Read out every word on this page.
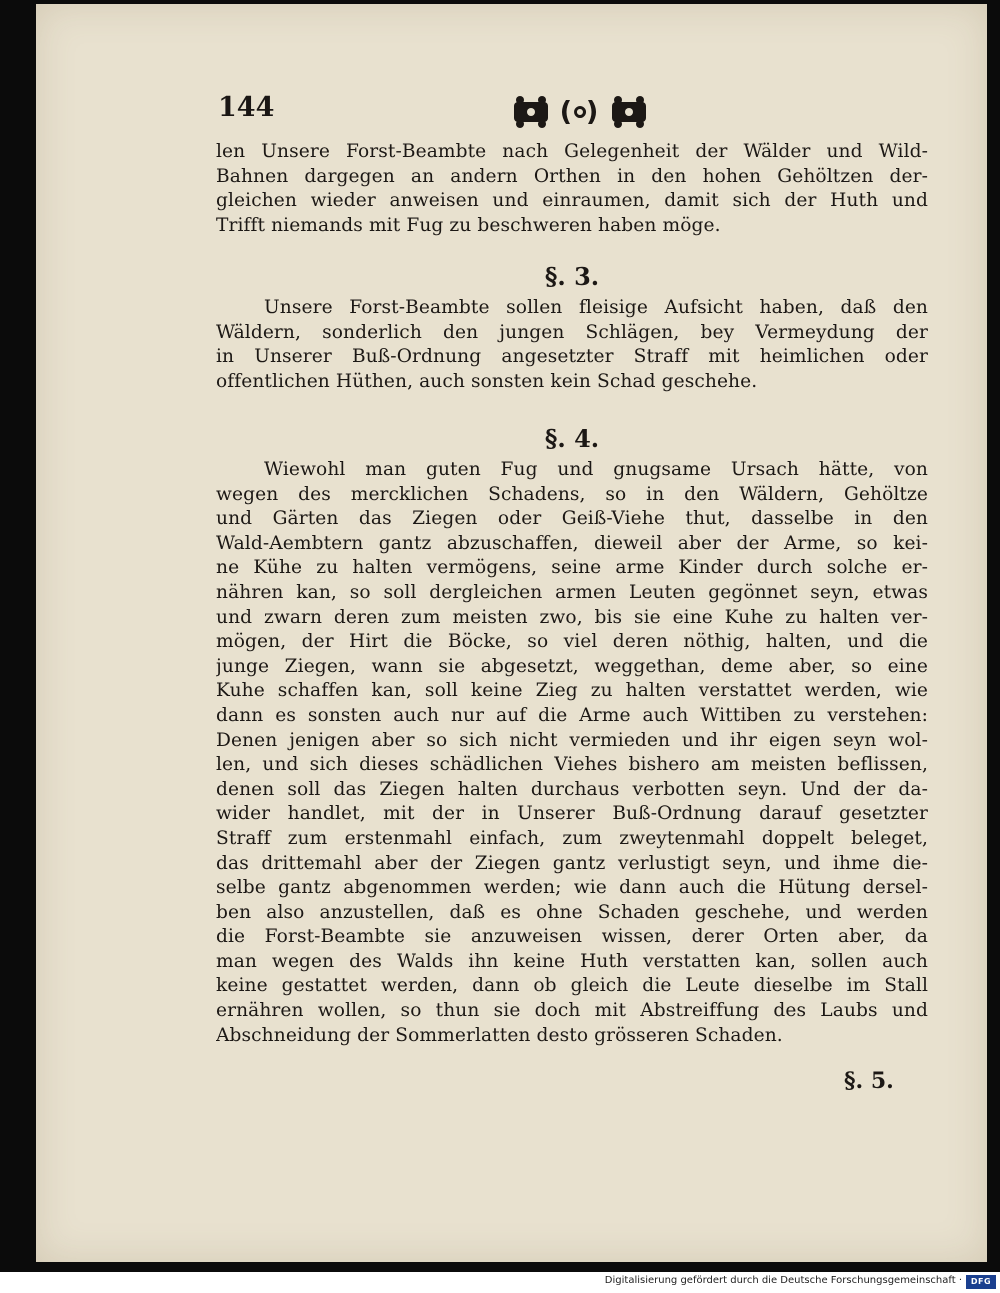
144
len Unsere Forst-Beambte nach Gelegenheit der Wälder und Wild-
Bahnen dargegen an andern Orthen in den hohen Gehöltzen der-
gleichen wieder anweisen und einraumen, damit sich der Huth und
Trifft niemands mit Fug zu beschweren haben möge.
§. 3.
Unsere Forst-Beambte sollen fleisige Aufsicht haben, daß den
Wäldern, sonderlich den jungen Schlägen, bey Vermeydung der
in Unserer Buß-Ordnung angesetzter Straff mit heimlichen oder
offentlichen Hüthen, auch sonsten kein Schad geschehe.
§. 4.
Wiewohl man guten Fug und gnugsame Ursach hätte, von
wegen des mercklichen Schadens, so in den Wäldern, Gehöltze
und Gärten das Ziegen oder Geiß-Viehe thut, dasselbe in den
Wald-Aembtern gantz abzuschaffen, dieweil aber der Arme, so kei-
ne Kühe zu halten vermögens, seine arme Kinder durch solche er-
nähren kan, so soll dergleichen armen Leuten gegönnet seyn, etwas
und zwarn deren zum meisten zwo, bis sie eine Kuhe zu halten ver-
mögen, der Hirt die Böcke, so viel deren nöthig, halten, und die
junge Ziegen, wann sie abgesetzt, weggethan, deme aber, so eine
Kuhe schaffen kan, soll keine Zieg zu halten verstattet werden, wie
dann es sonsten auch nur auf die Arme auch Wittiben zu verstehen:
Denen jenigen aber so sich nicht vermieden und ihr eigen seyn wol-
len, und sich dieses schädlichen Viehes bishero am meisten beflissen,
denen soll das Ziegen halten durchaus verbotten seyn. Und der da-
wider handlet, mit der in Unserer Buß-Ordnung darauf gesetzter
Straff zum erstenmahl einfach, zum zweytenmahl doppelt beleget,
das drittemahl aber der Ziegen gantz verlustigt seyn, und ihme die-
selbe gantz abgenommen werden; wie dann auch die Hütung dersel-
ben also anzustellen, daß es ohne Schaden geschehe, und werden
die Forst-Beambte sie anzuweisen wissen, derer Orten aber, da
man wegen des Walds ihn keine Huth verstatten kan, sollen auch
keine gestattet werden, dann ob gleich die Leute dieselbe im Stall
ernähren wollen, so thun sie doch mit Abstreiffung des Laubs und
Abschneidung der Sommerlatten desto grösseren Schaden.
§. 5.
Digitalisierung gefördert durch die Deutsche Forschungsgemeinschaft ·	DFG
